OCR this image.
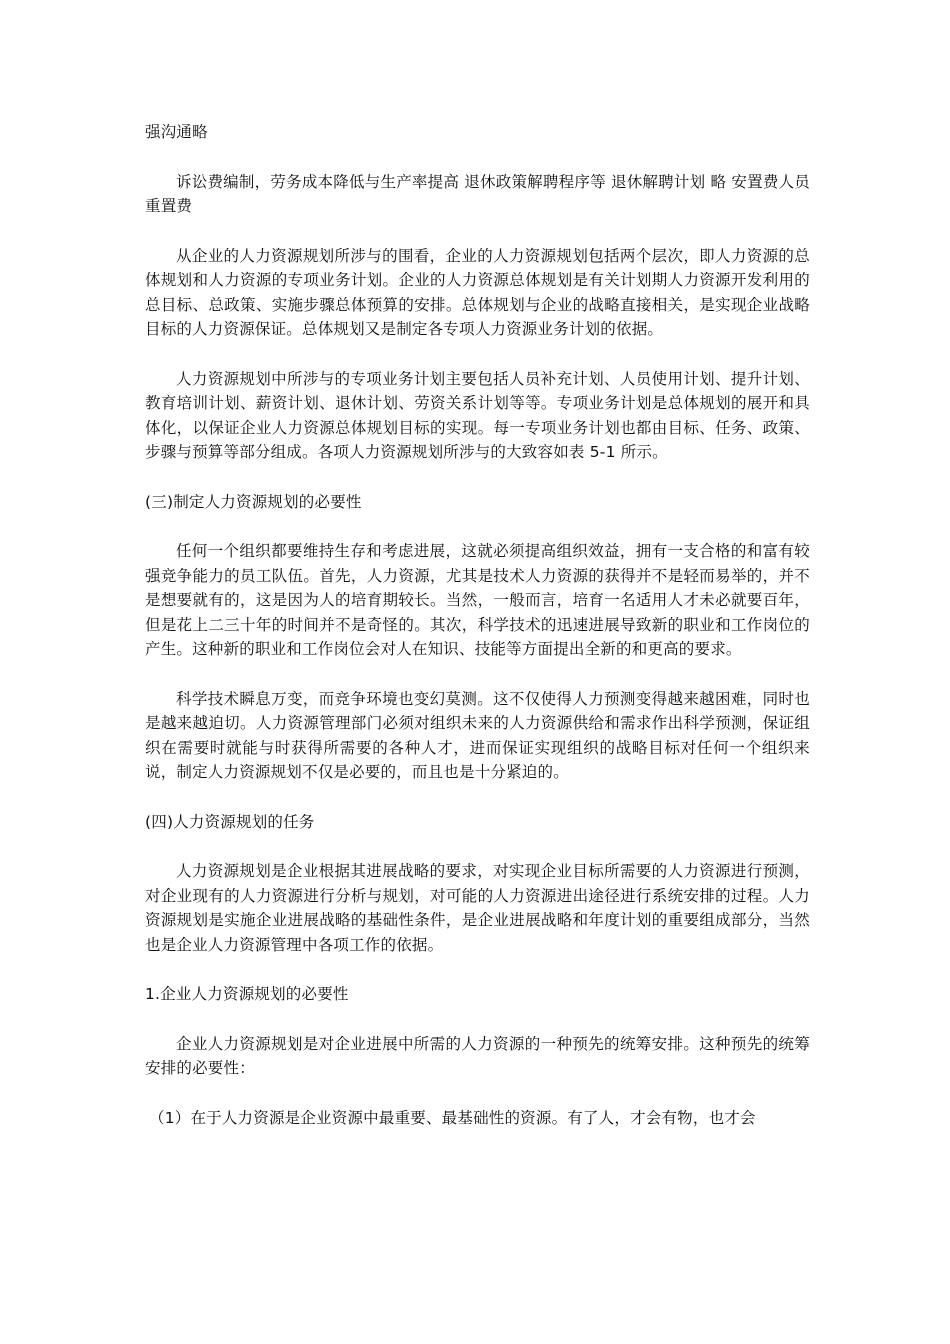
强沟通略

诉讼费编制，劳务成本降低与生产率提高 退休政策解聘程序等 退休解聘计划 略 安置费人员重置费

从企业的人力资源规划所涉与的围看，企业的人力资源规划包括两个层次，即人力资源的总体规划和人力资源的专项业务计划。企业的人力资源总体规划是有关计划期人力资源开发利用的总目标、总政策、实施步骤总体预算的安排。总体规划与企业的战略直接相关，是实现企业战略目标的人力资源保证。总体规划又是制定各专项人力资源业务计划的依据。

人力资源规划中所涉与的专项业务计划主要包括人员补充计划、人员使用计划、提升计划、教育培训计划、薪资计划、退休计划、劳资关系计划等等。专项业务计划是总体规划的展开和具体化，以保证企业人力资源总体规划目标的实现。每一专项业务计划也都由目标、任务、政策、步骤与预算等部分组成。各项人力资源规划所涉与的大致容如表 5-1 所示。

(三)制定人力资源规划的必要性

任何一个组织都要维持生存和考虑进展，这就必须提高组织效益，拥有一支合格的和富有较强竞争能力的员工队伍。首先，人力资源，尤其是技术人力资源的获得并不是轻而易举的，并不是想要就有的，这是因为人的培育期较长。当然，一般而言，培育一名适用人才未必就要百年，但是花上二三十年的时间并不是奇怪的。其次，科学技术的迅速进展导致新的职业和工作岗位的产生。这种新的职业和工作岗位会对人在知识、技能等方面提出全新的和更高的要求。

科学技术瞬息万变，而竞争环境也变幻莫测。这不仅使得人力预测变得越来越困难，同时也是越来越迫切。人力资源管理部门必须对组织未来的人力资源供给和需求作出科学预测，保证组织在需要时就能与时获得所需要的各种人才，进而保证实现组织的战略目标对任何一个组织来说，制定人力资源规划不仅是必要的，而且也是十分紧迫的。

(四)人力资源规划的任务

人力资源规划是企业根据其进展战略的要求，对实现企业目标所需要的人力资源进行预测，对企业现有的人力资源进行分析与规划，对可能的人力资源进出途径进行系统安排的过程。人力资源规划是实施企业进展战略的基础性条件，是企业进展战略和年度计划的重要组成部分，当然也是企业人力资源管理中各项工作的依据。

1.企业人力资源规划的必要性

企业人力资源规划是对企业进展中所需的人力资源的一种预先的统筹安排。这种预先的统筹安排的必要性：

（1）在于人力资源是企业资源中最重要、最基础性的资源。有了人，才会有物，也才会
